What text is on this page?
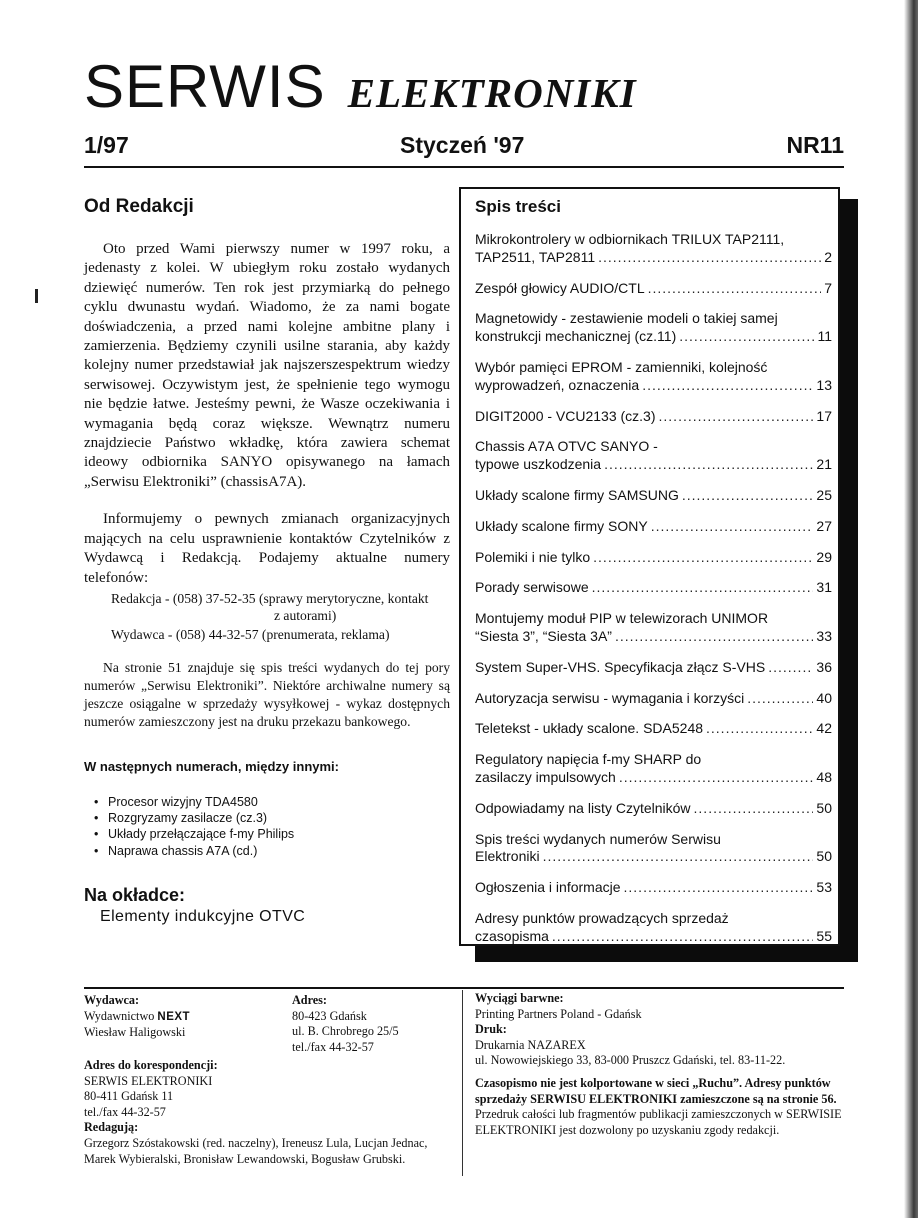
SERWIS ELEKTRONIKI
1/97	Styczeń '97	NR11
Od Redakcji

Oto przed Wami pierwszy numer w 1997 roku, a jedenasty z kolei. W ubiegłym roku zostało wydanych dziewięć numerów. Ten rok jest przymiarką do pełnego cyklu dwunastu wydań. Wiadomo, że za nami bogate doświadczenia, a przed nami kolejne ambitne plany i zamierzenia. Będziemy czynili usilne starania, aby każdy kolejny numer przedstawiał jak najszerszespektrum wiedzy serwisowej. Oczywistym jest, że spełnienie tego wymogu nie będzie łatwe. Jesteśmy pewni, że Wasze oczekiwania i wymagania będą coraz większe. Wewnątrz numeru znajdziecie Państwo wkładkę, która zawiera schemat ideowy odbiornika SANYO opisywanego na łamach „Serwisu Elektroniki” (chassisA7A).

Informujemy o pewnych zmianach organizacyjnych mających na celu usprawnienie kontaktów Czytelników z Wydawcą i Redakcją. Podajemy aktualne numery telefonów:

Redakcja - (058) 37-52-35 (sprawy merytoryczne, kontakt
z autorami)

Wydawca - (058) 44-32-57 (prenumerata, reklama)

Na stronie 51 znajduje się spis treści wydanych do tej pory numerów „Serwisu Elektroniki”. Niektóre archiwalne numery są jeszcze osiągalne w sprzedaży wysyłkowej - wykaz dostępnych numerów zamieszczony jest na druku przekazu bankowego.

W następnych numerach, między innymi:
• Procesor wizyjny TDA4580
• Rozgryzamy zasilacze (cz.3)
• Układy przełączające f-my Philips
• Naprawa chassis A7A (cd.)
Na okładce:
Elementy indukcyjne OTVC
Spis treści
Mikrokontrolery w odbiornikach TRILUX TAP2111,
TAP2511, TAP2811 .....	2
Zespół głowicy AUDIO/CTL .....	7
Magnetowidy - zestawienie modeli o takiej samej
konstrukcji mechanicznej (cz.11) .....	11
Wybór pamięci EPROM - zamienniki, kolejność
wyprowadzeń, oznaczenia .....	13
DIGIT2000 - VCU2133 (cz.3) .....	17
Chassis A7A OTVC SANYO -
typowe uszkodzenia .....	21
Układy scalone firmy SAMSUNG .....	25
Układy scalone firmy SONY .....	27
Polemiki i nie tylko .....	29
Porady serwisowe .....	31
Montujemy moduł PIP w telewizorach UNIMOR
“Siesta 3”, “Siesta 3A” .....	33
System Super-VHS. Specyfikacja złącz S-VHS .....	36
Autoryzacja serwisu - wymagania i korzyści .....	40
Teletekst - układy scalone. SDA5248 .....	42
Regulatory napięcia f-my SHARP do
zasilaczy impulsowych .....	48
Odpowiadamy na listy Czytelników .....	50
Spis treści wydanych numerów Serwisu
Elektroniki .....	50
Ogłoszenia i informacje .....	53
Adresy punktów prowadzących sprzedaż
czasopisma .....	55
Wydawca:
Wydawnictwo NEXT
Wiesław Haligowski
Adres:
80-423 Gdańsk
ul. B. Chrobrego 25/5
tel./fax 44-32-57
Adres do korespondencji:
SERWIS ELEKTRONIKI
80-411 Gdańsk 11
tel./fax 44-32-57
Redagują:
Grzegorz Szóstakowski (red. naczelny), Ireneusz Lula, Lucjan Jednac, Marek Wybieralski, Bronisław Lewandowski, Bogusław Grubski.
Wyciągi barwne:
Printing Partners Poland - Gdańsk
Druk:
Drukarnia NAZAREX
ul. Nowowiejskiego 33, 83-000 Pruszcz Gdański, tel. 83-11-22.
Czasopismo nie jest kolportowane w sieci „Ruchu”. Adresy punktów sprzedaży SERWISU ELEKTRONIKI zamieszczone są na stronie 56.
Przedruk całości lub fragmentów publikacji zamieszczonych w SERWISIE ELEKTRONIKI jest dozwolony po uzyskaniu zgody redakcji.
